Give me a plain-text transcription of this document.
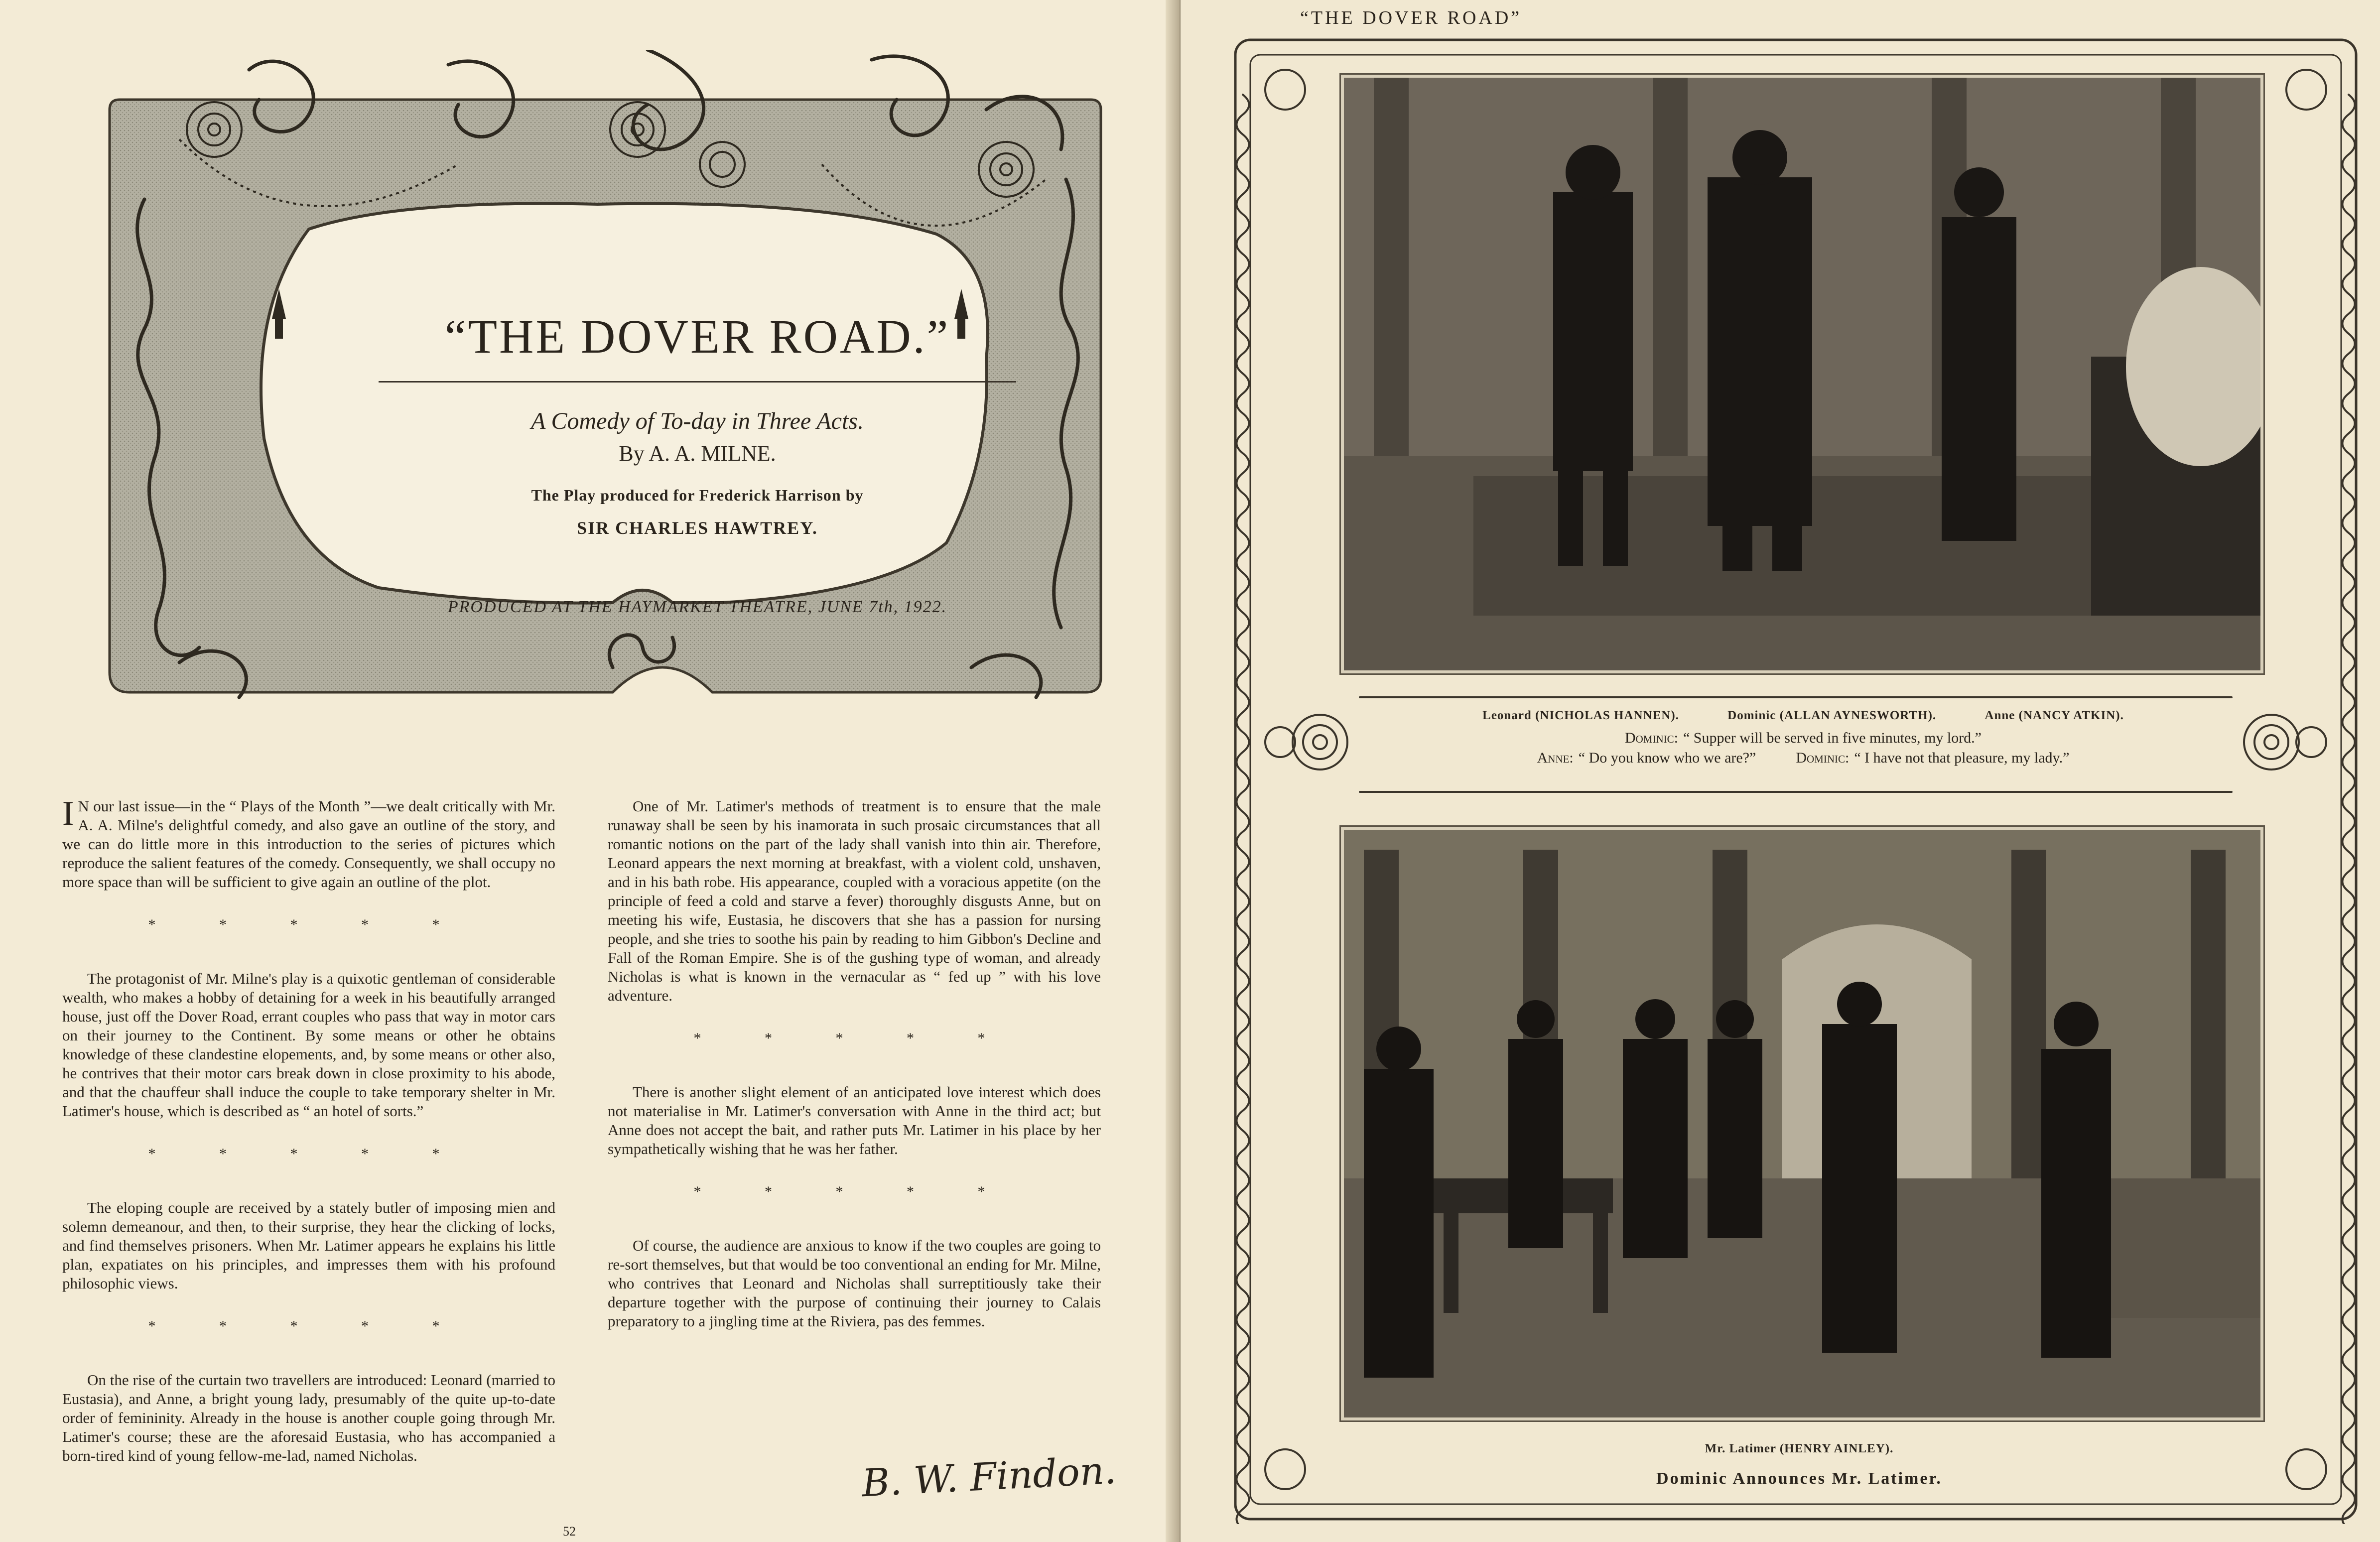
“THE DOVER ROAD.”

A Comedy of To-day in Three Acts.

By A. A. MILNE.

The Play produced for Frederick Harrison by

SIR CHARLES HAWTREY.

PRODUCED AT THE HAYMARKET THEATRE, JUNE 7th, 1922.

I N our last issue—in the “ Plays of the Month ”—we dealt critically with Mr. A. A. Milne's delightful comedy, and also gave an outline of the story, and we can do little more in this introduction to the series of pictures which reproduce the salient features of the comedy. Consequently, we shall occupy no more space than will be sufficient to give again an outline of the plot.

* * * * *

The protagonist of Mr. Milne's play is a quixotic gentleman of considerable wealth, who makes a hobby of detaining for a week in his beautifully arranged house, just off the Dover Road, errant couples who pass that way in motor cars on their journey to the Continent. By some means or other he obtains knowledge of these clandestine elopements, and, by some means or other also, he contrives that their motor cars break down in close proximity to his abode, and that the chauffeur shall induce the couple to take temporary shelter in Mr. Latimer's house, which is described as “ an hotel of sorts.”

* * * * *

The eloping couple are received by a stately butler of imposing mien and solemn demeanour, and then, to their surprise, they hear the clicking of locks, and find themselves prisoners. When Mr. Latimer appears he explains his little plan, expatiates on his principles, and impresses them with his profound philosophic views.

* * * * *

On the rise of the curtain two travellers are introduced: Leonard (married to Eustasia), and Anne, a bright young lady, presumably of the quite up-to-date order of femininity. Already in the house is another couple going through Mr. Latimer's course; these are the aforesaid Eustasia, who has accompanied a born-tired kind of young fellow-me-lad, named Nicholas.

One of Mr. Latimer's methods of treatment is to ensure that the male runaway shall be seen by his inamorata in such prosaic circumstances that all romantic notions on the part of the lady shall vanish into thin air. Therefore, Leonard appears the next morning at breakfast, with a violent cold, unshaven, and in his bath robe. His appearance, coupled with a voracious appetite (on the principle of feed a cold and starve a fever) thoroughly disgusts Anne, but on meeting his wife, Eustasia, he discovers that she has a passion for nursing people, and she tries to soothe his pain by reading to him Gibbon's Decline and Fall of the Roman Empire. She is of the gushing type of woman, and already Nicholas is what is known in the vernacular as “ fed up ” with his love adventure.

* * * * *

There is another slight element of an anticipated love interest which does not materialise in Mr. Latimer's conversation with Anne in the third act; but Anne does not accept the bait, and rather puts Mr. Latimer in his place by her sympathetically wishing that he was her father.

* * * * *

Of course, the audience are anxious to know if the two couples are going to re-sort themselves, but that would be too conventional an ending for Mr. Milne, who contrives that Leonard and Nicholas shall surreptitiously take their departure together with the purpose of continuing their journey to Calais preparatory to a jingling time at the Riviera, pas des femmes.

B. W. Findon.
52
“THE DOVER ROAD”
Leonard (NICHOLAS HANNEN).	Dominic (ALLAN AYNESWORTH).	Anne (NANCY ATKIN).
Dominic: “ Supper will be served in five minutes, my lord.”
Anne: “ Do you know who we are?”	Dominic: “ I have not that pleasure, my lady.”
Mr. Latimer (HENRY AINLEY).
Dominic Announces Mr. Latimer.
